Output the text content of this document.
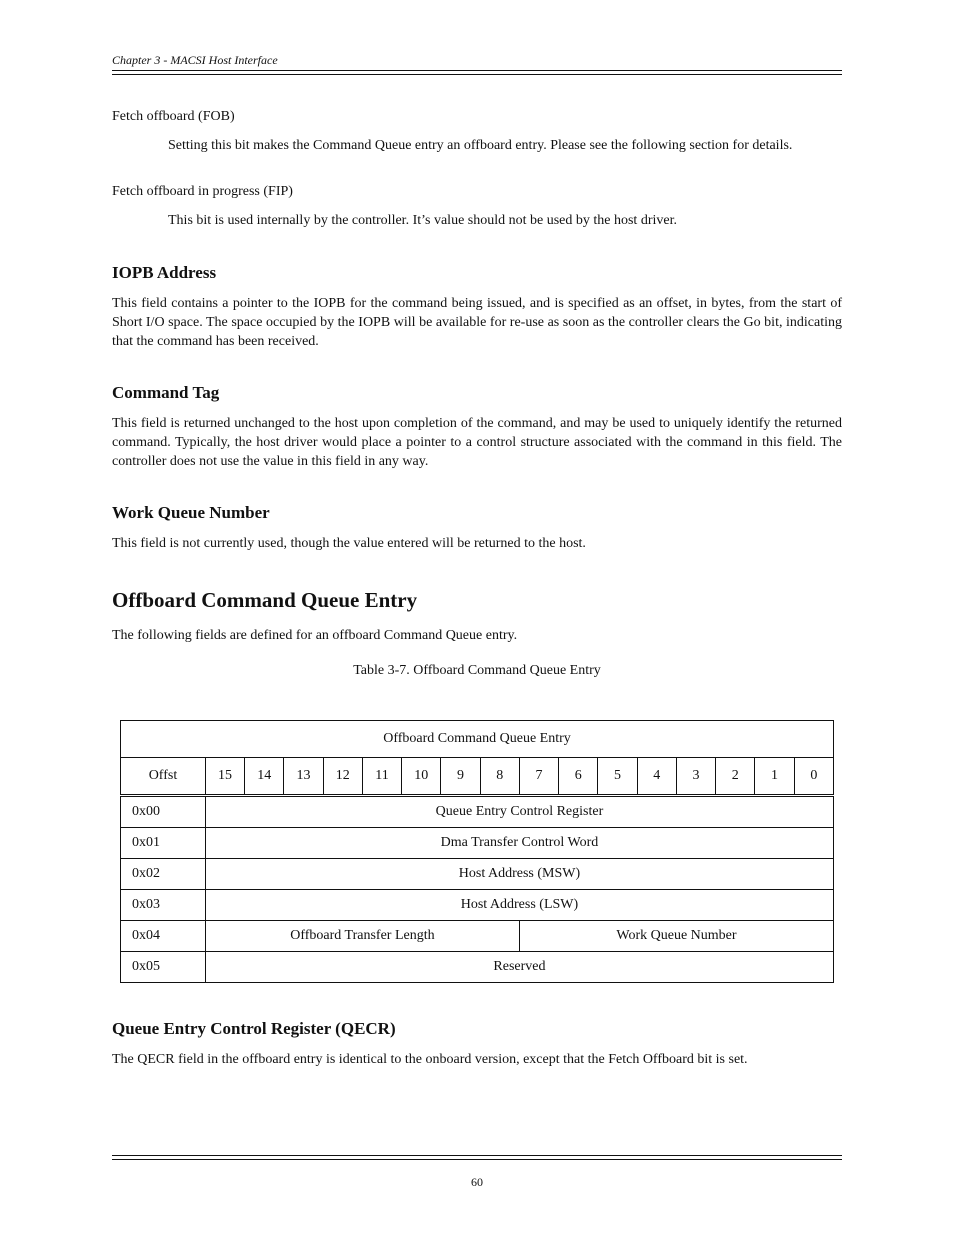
Chapter 3 - MACSI Host Interface
Fetch offboard (FOB)
Setting this bit makes the Command Queue entry an offboard entry. Please see the following section for details.
Fetch offboard in progress (FIP)
This bit is used internally by the controller. It’s value should not be used by the host driver.
IOPB Address
This field contains a pointer to the IOPB for the command being issued, and is specified as an offset, in bytes, from the start of Short I/O space. The space occupied by the IOPB will be available for re-use as soon as the controller clears the Go bit, indicating that the command has been received.
Command Tag
This field is returned unchanged to the host upon completion of the command, and may be used to uniquely identify the returned command. Typically, the host driver would place a pointer to a control structure associated with the command in this field. The controller does not use the value in this field in any way.
Work Queue Number
This field is not currently used, though the value entered will be returned to the host.
Offboard Command Queue Entry
The following fields are defined for an offboard Command Queue entry.
Table 3-7. Offboard Command Queue Entry
Offboard Command Queue Entry																
Offst	15	14	13	12	11	10	9	8	7	6	5	4	3	2	1	0
0x00	Queue Entry Control Register															
0x01	Dma Transfer Control Word															
0x02	Host Address (MSW)															
0x03	Host Address (LSW)															
0x04	Offboard Transfer Length								Work Queue Number							
0x05	Reserved															
Queue Entry Control Register (QECR)
The QECR field in the offboard entry is identical to the onboard version, except that the Fetch Offboard bit is set.
60
